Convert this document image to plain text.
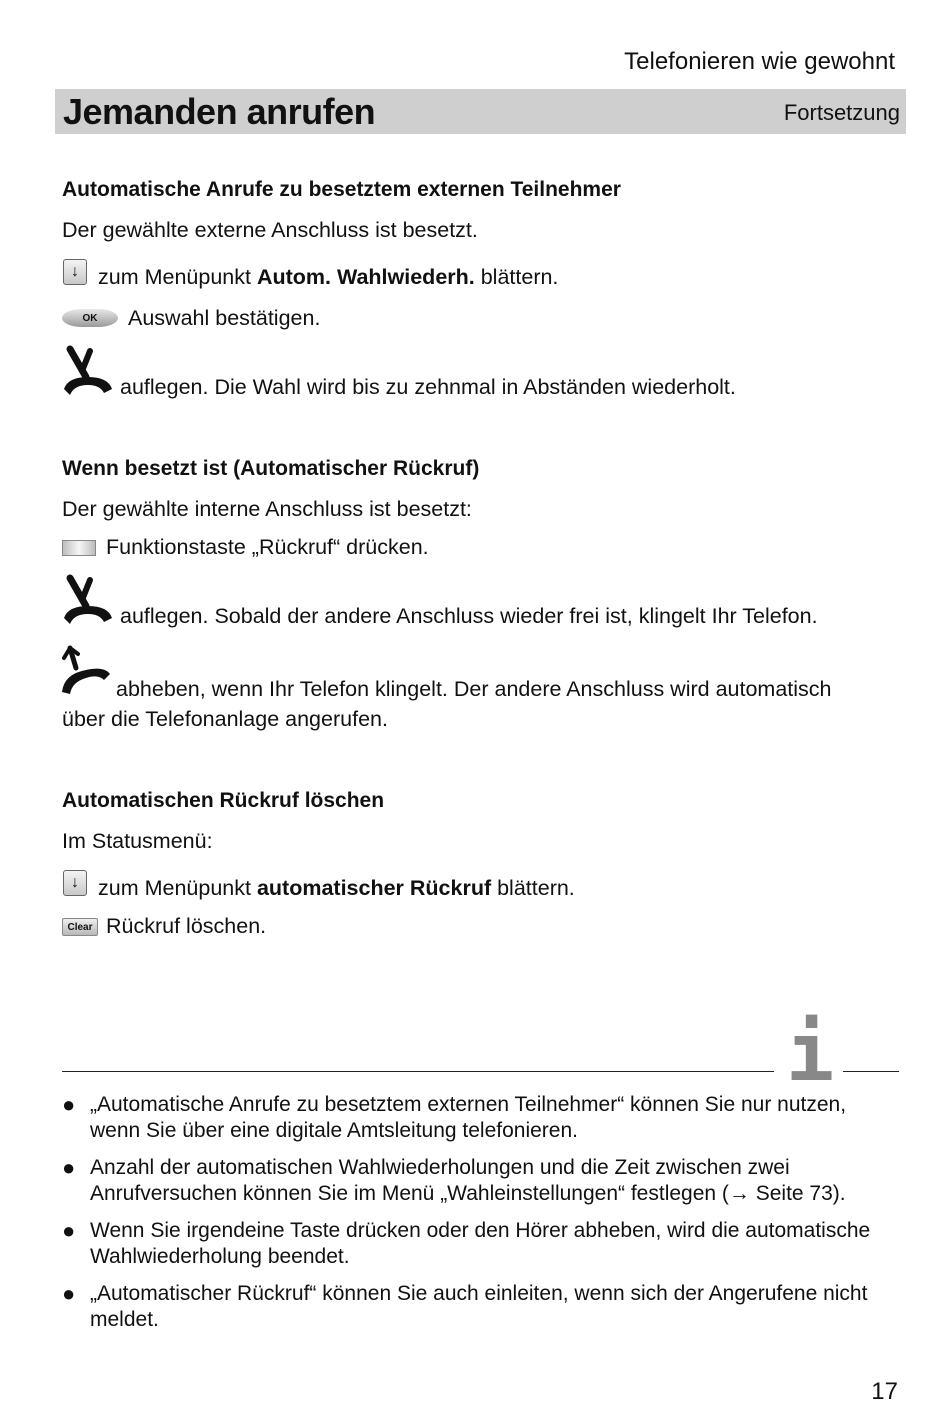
Telefonieren wie gewohnt
Jemanden anrufen	Fortsetzung
Automatische Anrufe zu besetztem externen Teilnehmer
Der gewählte externe Anschluss ist besetzt.
↓ zum Menüpunkt Autom. Wahlwiederh. blättern.
OK	Auswahl bestätigen.
auflegen. Die Wahl wird bis zu zehnmal in Abständen wiederholt.
Wenn besetzt ist (Automatischer Rückruf)
Der gewählte interne Anschluss ist besetzt:
Funktionstaste „Rückruf“ drücken.
auflegen. Sobald der andere Anschluss wieder frei ist, klingelt Ihr Telefon.
abheben, wenn Ihr Telefon klingelt. Der andere Anschluss wird automatisch
über die Telefonanlage angerufen.
Automatischen Rückruf löschen
Im Statusmenü:
↓ zum Menüpunkt automatischer Rückruf blättern.
Clear Rückruf löschen.
i
● „Automatische Anrufe zu besetztem externen Teilnehmer“ können Sie nur nutzen, wenn Sie über eine digitale Amtsleitung telefonieren.
● Anzahl der automatischen Wahlwiederholungen und die Zeit zwischen zwei Anrufversuchen können Sie im Menü „Wahleinstellungen“ festlegen (→ Seite 73).
● Wenn Sie irgendeine Taste drücken oder den Hörer abheben, wird die automatische Wahlwiederholung beendet.
● „Automatischer Rückruf“ können Sie auch einleiten, wenn sich der Angerufene nicht meldet.
17
